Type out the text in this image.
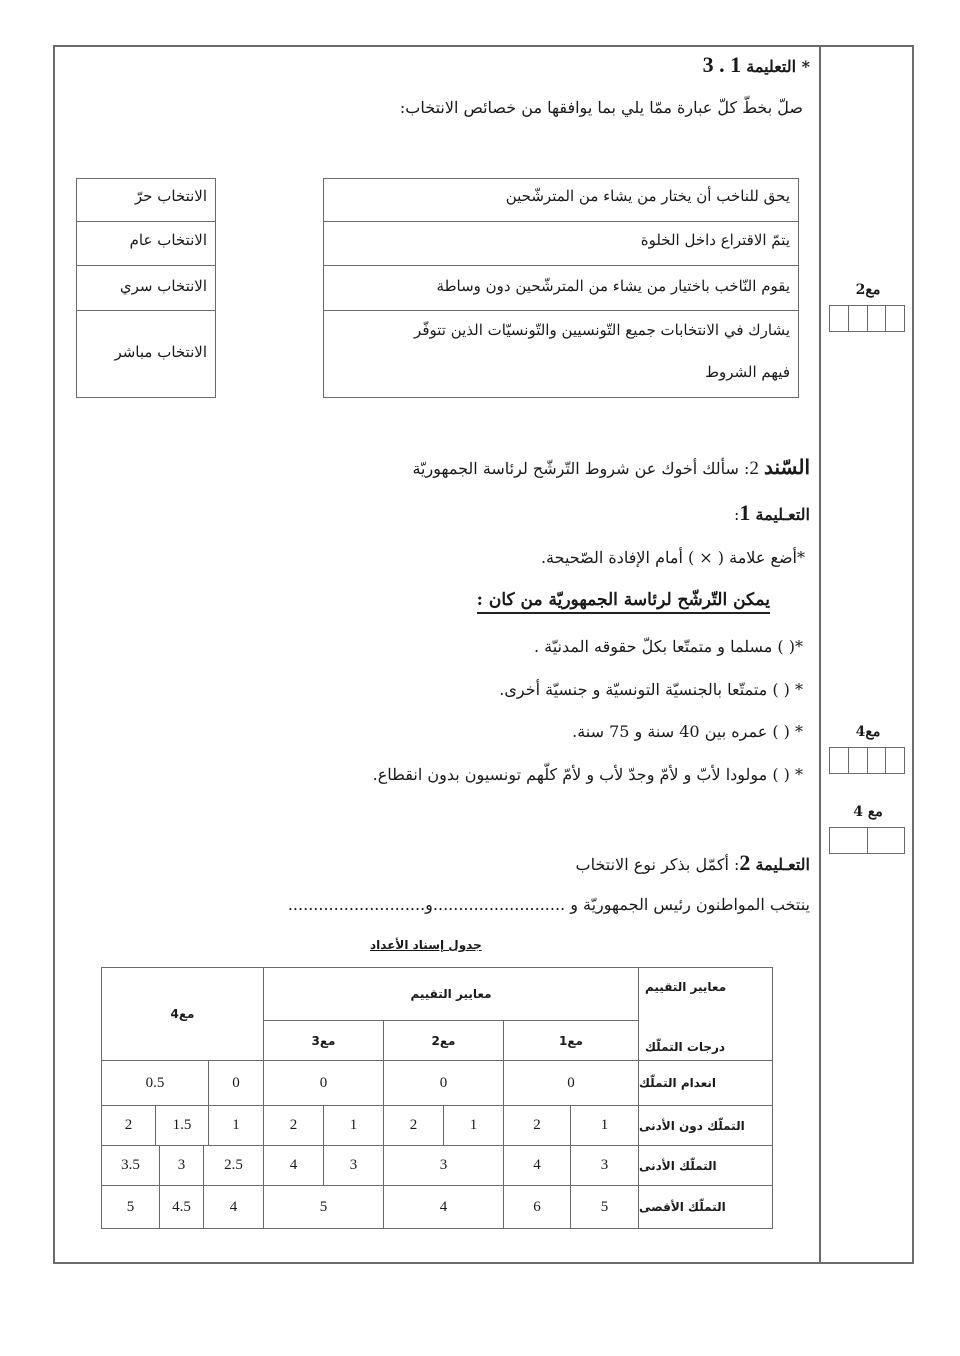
* التعليمة 1 . 3
صلّ بخطّ كلّ عبارة ممّا يلي بما يوافقها من خصائص الانتخاب:
يحق للناخب أن يختار من يشاء من المترشّحين
يتمّ الاقتراع داخل الخلوة
يقوم النّاخب باختيار من يشاء من المترشّحين دون وساطة
يشارك في الانتخابات جميع التّونسيين والتّونسيّات الذين تتوفّر
فيهم الشروط
الانتخاب حرّ
الانتخاب عام
الانتخاب سري
الانتخاب مباشر
السّند 2: سألك أخوك عن شروط التّرشّح لرئاسة الجمهوريّة
التعـليمة 1:
*أضع علامة ( × ) أمام الإفادة الصّحيحة.
يمكن التّرشّح لرئاسة الجمهوريّة من كان :
*( ) مسلما و متمتّعا بكلّ حقوقه المدنيّة .
* ( ) متمتّعا بالجنسيّة التونسيّة و جنسيّة أخرى.
* ( ) عمره بين 40 سنة و 75 سنة.
* ( ) مولودا لأبّ و لأمّ وجدّ لأب و لأمّ كلّهم تونسيون بدون انقطاع.
التعـليمة 2: أكمّل بذكر نوع الانتخاب
ينتخب المواطنون رئيس الجمهوريّة و ..........................و...........................
مع2
مع4
مع 4
جدول إسناد الأعداد
مع4
معايير التقييم
مع3	مع2	مع1
معايير التقييم
درجات التملّك
0.5	0	0	0	0	انعدام التملّك
2	1.5	1	2	1	2	1	2	1	التملّك دون الأدنى
3.5	3	2.5	4	3	3	4	3	التملّك الأدنى
5	4.5	4	5	4	6	5	التملّك الأقصى
